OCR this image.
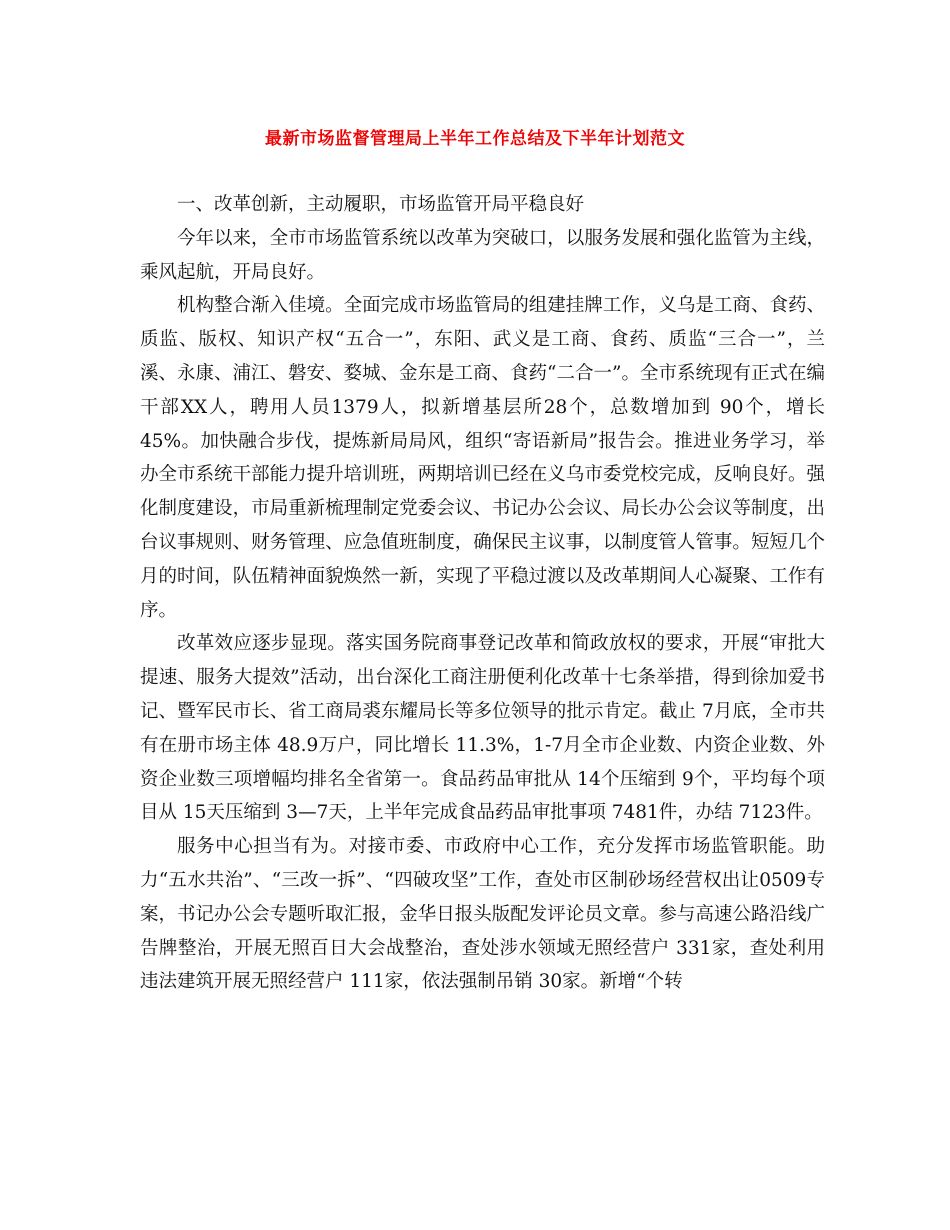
最新市场监督管理局上半年工作总结及下半年计划范文

一、改革创新，主动履职，市场监管开局平稳良好

今年以来，全市市场监管系统以改革为突破口，以服务发展和强化监管为主线，乘风起航，开局良好。

机构整合渐入佳境。全面完成市场监管局的组建挂牌工作，义乌是工商、食药、质监、版权、知识产权“五合一”，东阳、武义是工商、食药、质监“三合一”，兰溪、永康、浦江、磐安、婺城、金东是工商、食药“二合一”。全市系统现有正式在编干部XX人，聘用人员1379人，拟新增基层所28个，总数增加到 90个，增长45%。加快融合步伐，提炼新局局风，组织“寄语新局”报告会。推进业务学习，举办全市系统干部能力提升培训班，两期培训已经在义乌市委党校完成，反响良好。强化制度建设，市局重新梳理制定党委会议、书记办公会议、局长办公会议等制度，出台议事规则、财务管理、应急值班制度，确保民主议事，以制度管人管事。短短几个月的时间，队伍精神面貌焕然一新，实现了平稳过渡以及改革期间人心凝聚、工作有序。

改革效应逐步显现。落实国务院商事登记改革和简政放权的要求，开展“审批大提速、服务大提效”活动，出台深化工商注册便利化改革十七条举措，得到徐加爱书记、暨军民市长、省工商局裘东耀局长等多位领导的批示肯定。截止 7月底，全市共有在册市场主体 48.9万户，同比增长 11.3%，1-7月全市企业数、内资企业数、外资企业数三项增幅均排名全省第一。食品药品审批从 14个压缩到 9个，平均每个项目从 15天压缩到 3—7天，上半年完成食品药品审批事项 7481件，办结 7123件。

服务中心担当有为。对接市委、市政府中心工作，充分发挥市场监管职能。助力“五水共治”、“三改一拆”、“四破攻坚”工作，查处市区制砂场经营权出让0509专案，书记办公会专题听取汇报，金华日报头版配发评论员文章。参与高速公路沿线广告牌整治，开展无照百日大会战整治，查处涉水领域无照经营户 331家，查处利用违法建筑开展无照经营户 111家，依法强制吊销 30家。新增“个转
